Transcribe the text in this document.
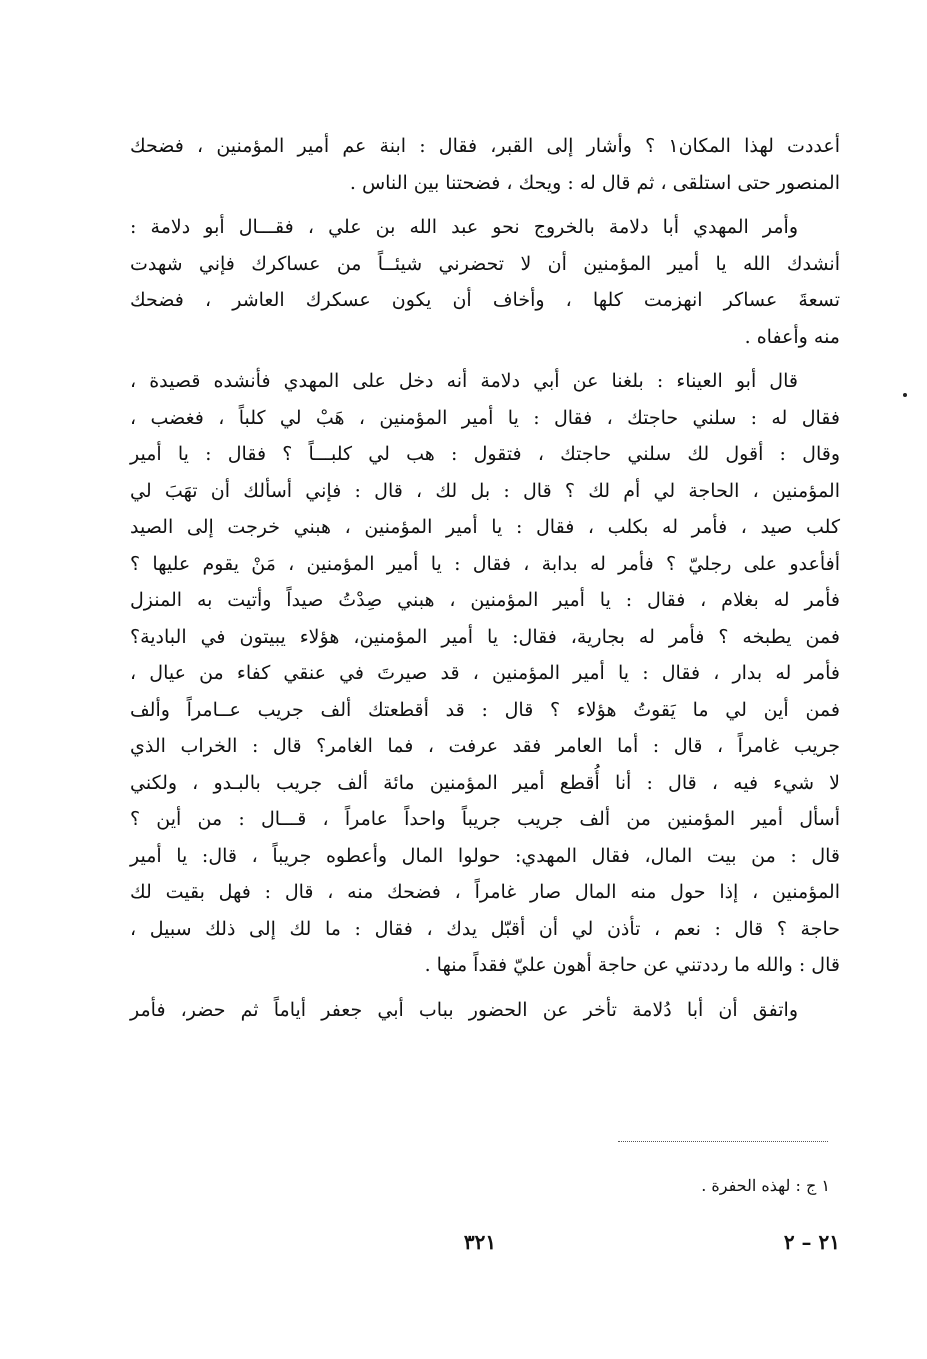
أعددت لهذا المكان١ ؟ وأشار إلى القبر، فقال : ابنة عم أمير المؤمنين ، فضحك
المنصور حتى استلقى ، ثم قال له : ويحك ، فضحتنا بين الناس .
وأمر المهدي أبا دلامة بالخروج نحو عبد الله بن علي ، فقـــال أبو دلامة :
أنشدك الله يا أمير المؤمنين أن لا تحضرني شيئــاً من عساكرك فإني شهدت
تسعةَ عساكر انهزمت كلها ، وأخاف أن يكون عسكرك العاشر ، فضحك
منه وأعفاه .
قال أبو العيناء : بلغنا عن أبي دلامة أنه دخل على المهدي فأنشده قصيدة ،
فقال له : سلني حاجتك ، فقال : يا أمير المؤمنين ، هَبْ لي كلباً ، فغضب ،
وقال : أقول لك سلني حاجتك ، فتقول : هب لي كلبـــاً ؟ فقال : يا أمير
المؤمنين ، الحاجة لي أم لك ؟ قال : بل لك ، قال : فإني أسألك أن تهَبَ لي
كلب صيد ، فأمر له بكلب ، فقال : يا أمير المؤمنين ، هبني خرجت إلى الصيد
أفأعدو على رجليّ ؟ فأمر له بدابة ، فقال : يا أمير المؤمنين ، مَنْ يقوم عليها ؟
فأمر له بغلام ، فقال : يا أمير المؤمنين ، هبني صِدْتُ صيداً وأتيت به المنزل
فمن يطبخه ؟ فأمر له بجارية، فقال: يا أمير المؤمنين، هؤلاء يبيتون في البادية؟
فأمر له بدار ، فقال : يا أمير المؤمنين ، قد صيرتَ في عنقي كفاء من عيال ،
فمن أين لي ما يَقوتُ هؤلاء ؟ قال : قد أقطعتك ألف جريب عــامراً وألف
جريب غامراً ، قال : أما العامر فقد عرفت ، فما الغامر؟ قال : الخراب الذي
لا شيء فيه ، قال : أنا أُقطع أمير المؤمنين مائة ألف جريب بالبـدو ، ولكني
أسأل أمير المؤمنين من ألف جريب جريباً واحداً عامراً ، قـــال : من أين ؟
قال : من بيت المال، فقال المهدي: حولوا المال وأعطوه جريباً ، قال: يا أمير
المؤمنين ، إذا حول منه المال صار غامراً ، فضحك منه ، قال : فهل بقيت لك
حاجة ؟ قال : نعم ، تأذن لي أن أقبّل يدك ، فقال : ما لك إلى ذلك سبيل ،
قال : والله ما رددتني عن حاجة أهون عليّ فقداً منها .
واتفق أن أبا دُلامة تأخر عن الحضور بباب أبي جعفر أياماً ثم حضر، فأمر
١ ج : لهذه الحفرة .
٣٢١	٢١ – ٢
